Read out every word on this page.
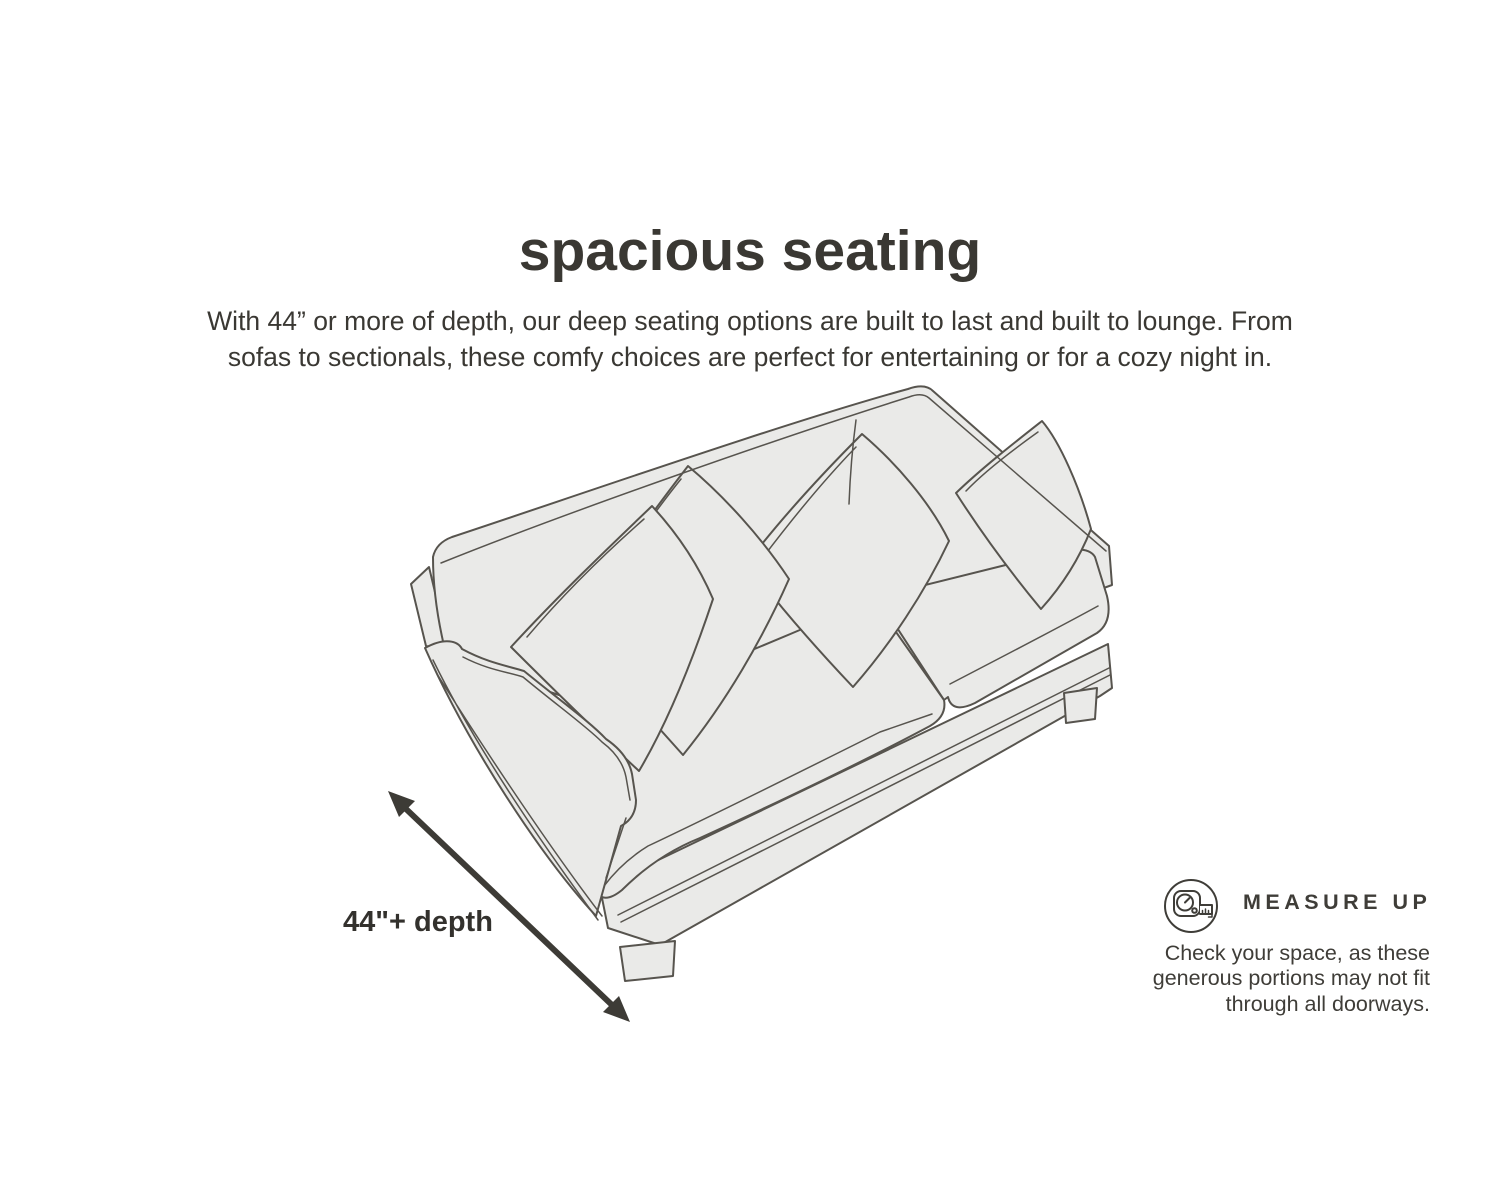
spacious seating

With 44” or more of depth, our deep seating options are built to last and built to lounge. From
sofas to sectionals, these comfy choices are perfect for entertaining or for a cozy night in.

44"+ depth
MEASURE UP
Check your space, as these
generous portions may not fit
through all doorways.
